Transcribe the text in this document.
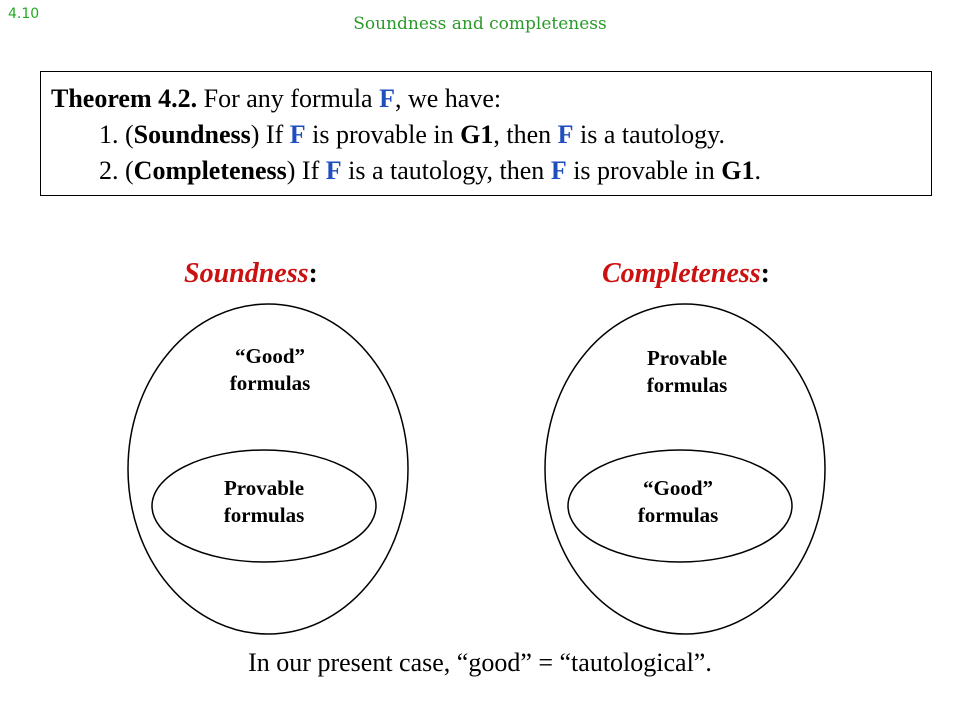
4.10	Soundness and completeness
Theorem 4.2. For any formula F, we have:
1. (Soundness) If F is provable in G1, then F is a tautology.
2. (Completeness) If F is a tautology, then F is provable in G1.
Soundness:	Completeness:
“Good”
formulas
Provable
formulas
Provable
formulas
“Good”
formulas
In our present case, “good” = “tautological”.
